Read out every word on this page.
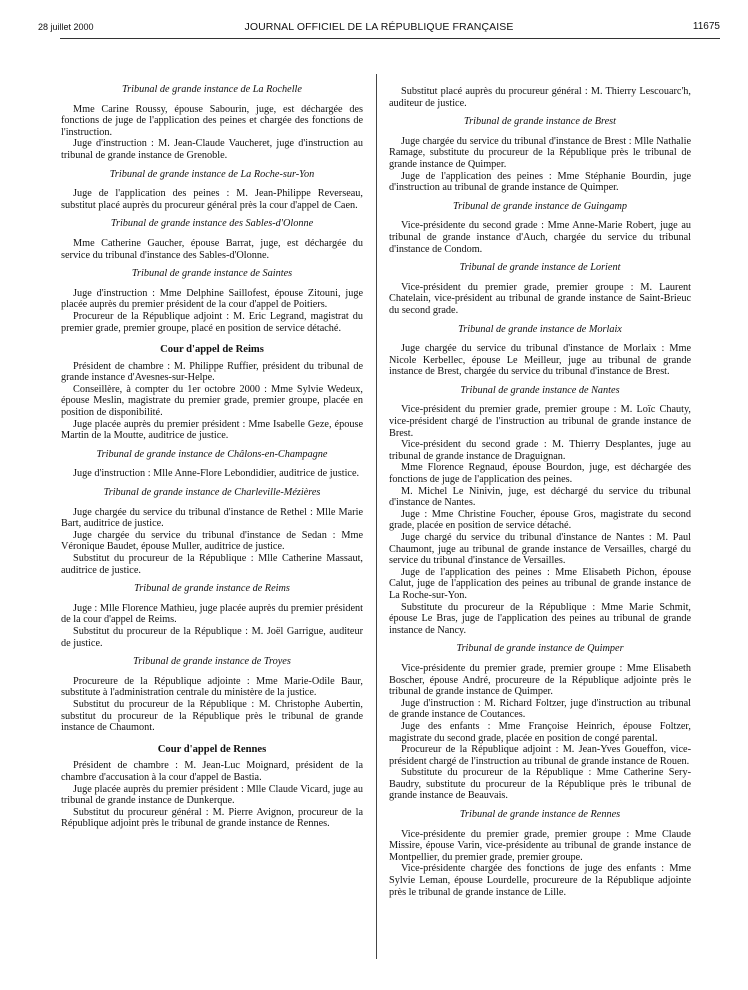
28 juillet 2000	JOURNAL OFFICIEL DE LA RÉPUBLIQUE FRANÇAISE	11675
Tribunal de grande instance de La Rochelle

Mme Carine Roussy, épouse Sabourin, juge, est déchargée des fonctions de juge de l'application des peines et chargée des fonctions de l'instruction.

Juge d'instruction : M. Jean-Claude Vaucheret, juge d'instruction au tribunal de grande instance de Grenoble.

Tribunal de grande instance de La Roche-sur-Yon

Juge de l'application des peines : M. Jean-Philippe Reverseau, substitut placé auprès du procureur général près la cour d'appel de Caen.

Tribunal de grande instance des Sables-d'Olonne

Mme Catherine Gaucher, épouse Barrat, juge, est déchargée du service du tribunal d'instance des Sables-d'Olonne.

Tribunal de grande instance de Saintes

Juge d'instruction : Mme Delphine Saillofest, épouse Zitouni, juge placée auprès du premier président de la cour d'appel de Poitiers.

Procureur de la République adjoint : M. Eric Legrand, magistrat du premier grade, premier groupe, placé en position de service détaché.

Cour d'appel de Reims

Président de chambre : M. Philippe Ruffier, président du tribunal de grande instance d'Avesnes-sur-Helpe.

Conseillère, à compter du 1er octobre 2000 : Mme Sylvie Wedeux, épouse Meslin, magistrate du premier grade, premier groupe, placée en position de disponibilité.

Juge placée auprès du premier président : Mme Isabelle Geze, épouse Martin de la Moutte, auditrice de justice.

Tribunal de grande instance de Châlons-en-Champagne

Juge d'instruction : Mlle Anne-Flore Lebondidier, auditrice de justice.

Tribunal de grande instance de Charleville-Mézières

Juge chargée du service du tribunal d'instance de Rethel : Mlle Marie Bart, auditrice de justice.

Juge chargée du service du tribunal d'instance de Sedan : Mme Véronique Baudet, épouse Muller, auditrice de justice.

Substitut du procureur de la République : Mlle Catherine Massaut, auditrice de justice.

Tribunal de grande instance de Reims

Juge : Mlle Florence Mathieu, juge placée auprès du premier président de la cour d'appel de Reims.

Substitut du procureur de la République : M. Joël Garrigue, auditeur de justice.

Tribunal de grande instance de Troyes

Procureure de la République adjointe : Mme Marie-Odile Baur, substitute à l'administration centrale du ministère de la justice.

Substitut du procureur de la République : M. Christophe Aubertin, substitut du procureur de la République près le tribunal de grande instance de Chaumont.

Cour d'appel de Rennes

Président de chambre : M. Jean-Luc Moignard, président de la chambre d'accusation à la cour d'appel de Bastia.

Juge placée auprès du premier président : Mlle Claude Vicard, juge au tribunal de grande instance de Dunkerque.

Substitut du procureur général : M. Pierre Avignon, procureur de la République adjoint près le tribunal de grande instance de Rennes.

Substitut placé auprès du procureur général : M. Thierry Lescouarc'h, auditeur de justice.

Tribunal de grande instance de Brest

Juge chargée du service du tribunal d'instance de Brest : Mlle Nathalie Ramage, substitute du procureur de la République près le tribunal de grande instance de Quimper.

Juge de l'application des peines : Mme Stéphanie Bourdin, juge d'instruction au tribunal de grande instance de Quimper.

Tribunal de grande instance de Guingamp

Vice-présidente du second grade : Mme Anne-Marie Robert, juge au tribunal de grande instance d'Auch, chargée du service du tribunal d'instance de Condom.

Tribunal de grande instance de Lorient

Vice-président du premier grade, premier groupe : M. Laurent Chatelain, vice-président au tribunal de grande instance de Saint-Brieuc du second grade.

Tribunal de grande instance de Morlaix

Juge chargée du service du tribunal d'instance de Morlaix : Mme Nicole Kerbellec, épouse Le Meilleur, juge au tribunal de grande instance de Brest, chargée du service du tribunal d'instance de Brest.

Tribunal de grande instance de Nantes

Vice-président du premier grade, premier groupe : M. Loïc Chauty, vice-président chargé de l'instruction au tribunal de grande instance de Brest.

Vice-président du second grade : M. Thierry Desplantes, juge au tribunal de grande instance de Draguignan.

Mme Florence Regnaud, épouse Bourdon, juge, est déchargée des fonctions de juge de l'application des peines.

M. Michel Le Ninivin, juge, est déchargé du service du tribunal d'instance de Nantes.

Juge : Mme Christine Foucher, épouse Gros, magistrate du second grade, placée en position de service détaché.

Juge chargé du service du tribunal d'instance de Nantes : M. Paul Chaumont, juge au tribunal de grande instance de Versailles, chargé du service du tribunal d'instance de Versailles.

Juge de l'application des peines : Mme Elisabeth Pichon, épouse Calut, juge de l'application des peines au tribunal de grande instance de La Roche-sur-Yon.

Substitute du procureur de la République : Mme Marie Schmit, épouse Le Bras, juge de l'application des peines au tribunal de grande instance de Nancy.

Tribunal de grande instance de Quimper

Vice-présidente du premier grade, premier groupe : Mme Elisabeth Boscher, épouse André, procureure de la République adjointe près le tribunal de grande instance de Quimper.

Juge d'instruction : M. Richard Foltzer, juge d'instruction au tribunal de grande instance de Coutances.

Juge des enfants : Mme Françoise Heinrich, épouse Foltzer, magistrate du second grade, placée en position de congé parental.

Procureur de la République adjoint : M. Jean-Yves Goueffon, vice-président chargé de l'instruction au tribunal de grande instance de Rouen.

Substitute du procureur de la République : Mme Catherine Sery-Baudry, substitute du procureur de la République près le tribunal de grande instance de Beauvais.

Tribunal de grande instance de Rennes

Vice-présidente du premier grade, premier groupe : Mme Claude Missire, épouse Varin, vice-présidente au tribunal de grande instance de Montpellier, du premier grade, premier groupe.

Vice-présidente chargée des fonctions de juge des enfants : Mme Sylvie Leman, épouse Lourdelle, procureure de la République adjointe près le tribunal de grande instance de Lille.
